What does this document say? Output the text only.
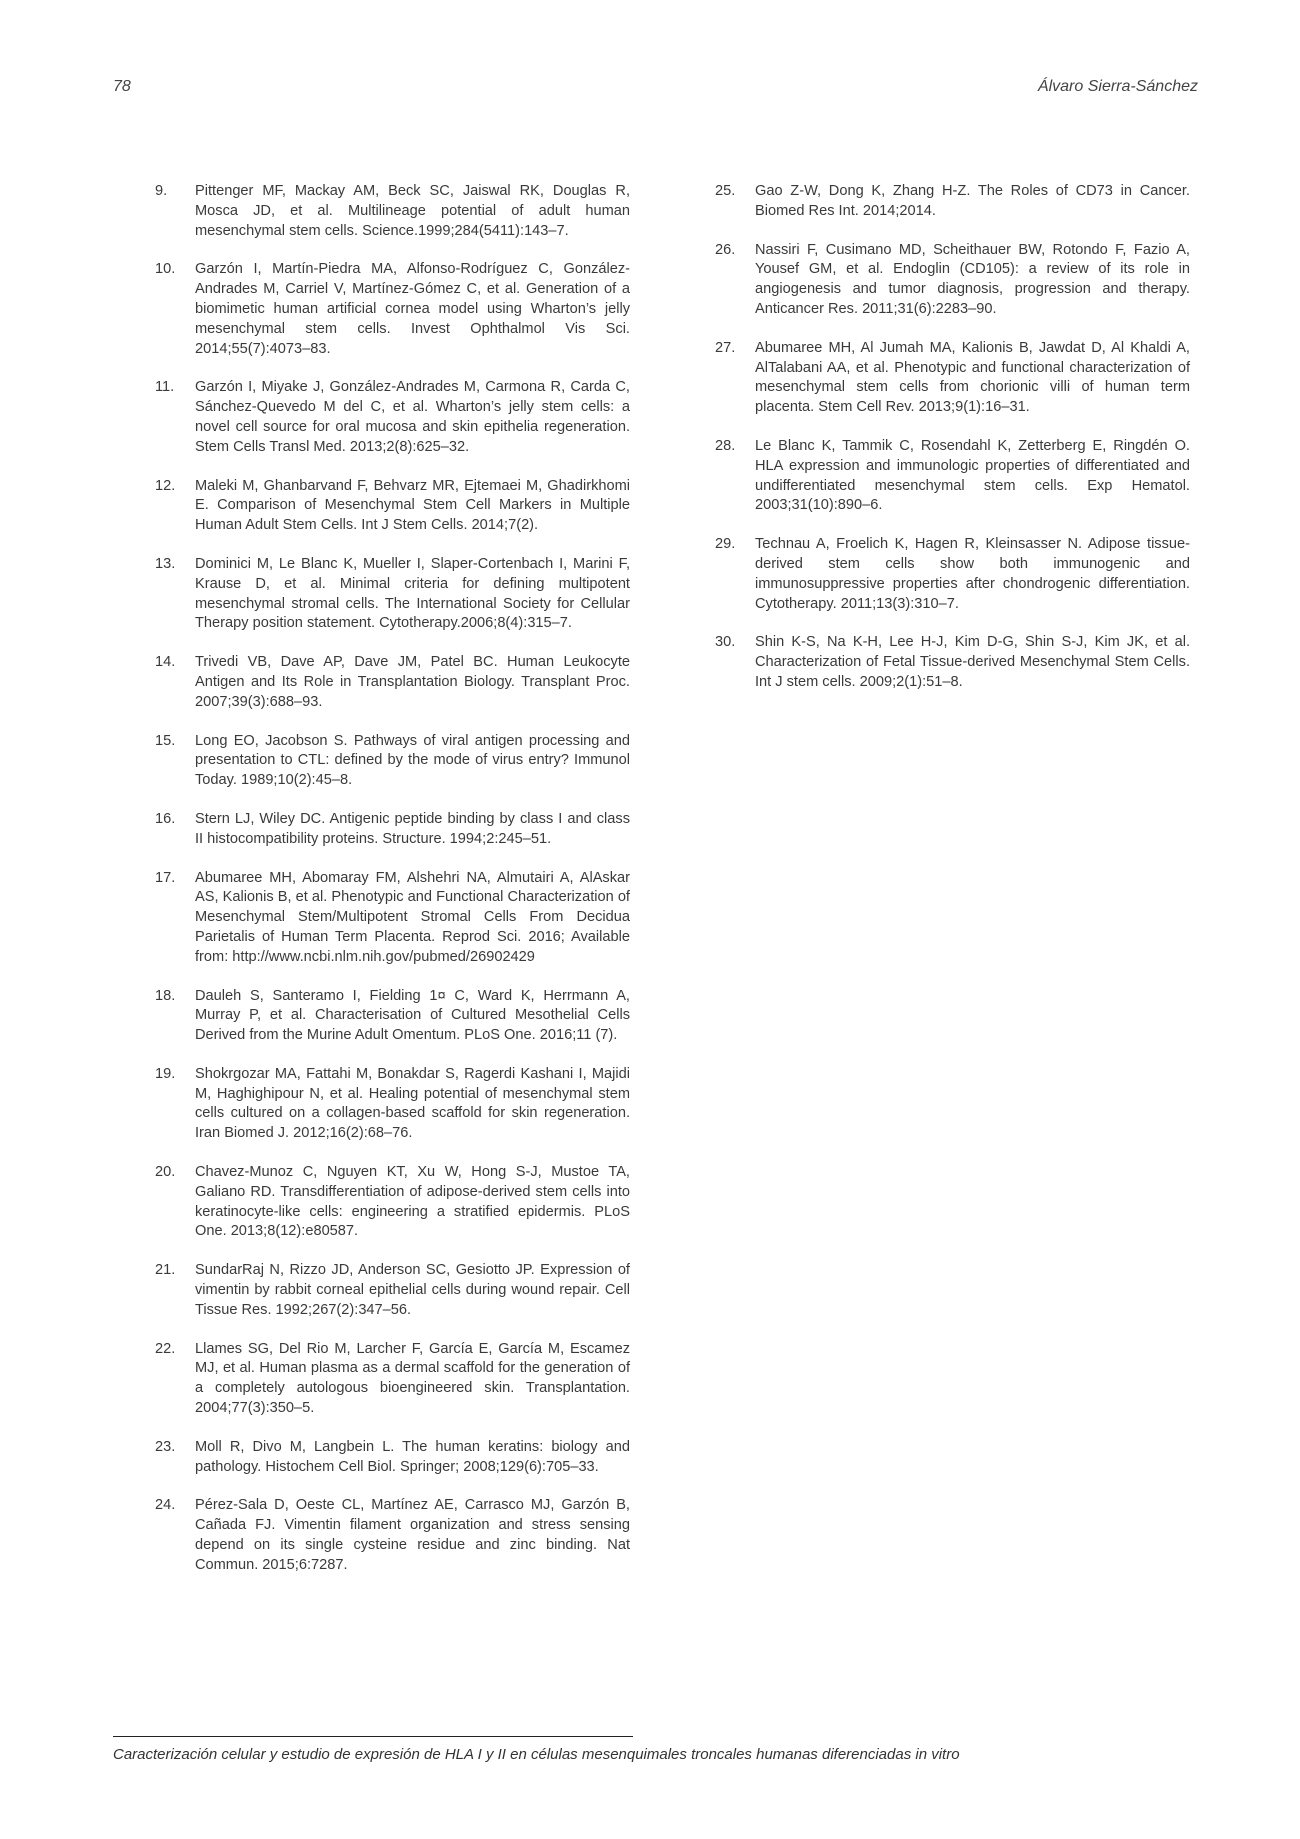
78	Álvaro Sierra-Sánchez
9.	Pittenger MF, Mackay AM, Beck SC, Jaiswal RK, Douglas R, Mosca JD, et al. Multilineage potential of adult human mesenchymal stem cells. Science.1999;284(5411):143–7.
10.	Garzón I, Martín-Piedra MA, Alfonso-Rodríguez C, González-Andrades M, Carriel V, Martínez-Gómez C, et al. Generation of a biomimetic human artificial cornea model using Wharton’s jelly mesenchymal stem cells. Invest Ophthalmol Vis Sci. 2014;55(7):4073–83.
11.	Garzón I, Miyake J, González-Andrades M, Carmona R, Carda C, Sánchez-Quevedo M del C, et al. Wharton’s jelly stem cells: a novel cell source for oral mucosa and skin epithelia regeneration. Stem Cells Transl Med. 2013;2(8):625–32.
12.	Maleki M, Ghanbarvand F, Behvarz MR, Ejtemaei M, Ghadirkhomi E. Comparison of Mesenchymal Stem Cell Markers in Multiple Human Adult Stem Cells. Int J Stem Cells. 2014;7(2).
13.	Dominici M, Le Blanc K, Mueller I, Slaper-Cortenbach I, Marini F, Krause D, et al. Minimal criteria for defining multipotent mesenchymal stromal cells. The International Society for Cellular Therapy position statement. Cytotherapy.2006;8(4):315–7.
14.	Trivedi VB, Dave AP, Dave JM, Patel BC. Human Leukocyte Antigen and Its Role in Transplantation Biology. Transplant Proc. 2007;39(3):688–93.
15.	Long EO, Jacobson S. Pathways of viral antigen processing and presentation to CTL: defined by the mode of virus entry? Immunol Today. 1989;10(2):45–8.
16.	Stern LJ, Wiley DC. Antigenic peptide binding by class I and class II histocompatibility proteins. Structure. 1994;2:245–51.
17.	Abumaree MH, Abomaray FM, Alshehri NA, Almutairi A, AlAskar AS, Kalionis B, et al. Phenotypic and Functional Characterization of Mesenchymal Stem/Multipotent Stromal Cells From Decidua Parietalis of Human Term Placenta. Reprod Sci. 2016; Available from: http://www.ncbi.nlm.nih.gov/pubmed/26902429
18.	Dauleh S, Santeramo I, Fielding 1¤ C, Ward K, Herrmann A, Murray P, et al. Characterisation of Cultured Mesothelial Cells Derived from the Murine Adult Omentum. PLoS One. 2016;11 (7).
19.	Shokrgozar MA, Fattahi M, Bonakdar S, Ragerdi Kashani I, Majidi M, Haghighipour N, et al. Healing potential of mesenchymal stem cells cultured on a collagen-based scaffold for skin regeneration. Iran Biomed J. 2012;16(2):68–76.
20.	Chavez-Munoz C, Nguyen KT, Xu W, Hong S-J, Mustoe TA, Galiano RD. Transdifferentiation of adipose-derived stem cells into keratinocyte-like cells: engineering a stratified epidermis. PLoS One. 2013;8(12):e80587.
21.	SundarRaj N, Rizzo JD, Anderson SC, Gesiotto JP. Expression of vimentin by rabbit corneal epithelial cells during wound repair. Cell Tissue Res. 1992;267(2):347–56.
22.	Llames SG, Del Rio M, Larcher F, García E, García M, Escamez MJ, et al. Human plasma as a dermal scaffold for the generation of a completely autologous bioengineered skin. Transplantation. 2004;77(3):350–5.
23.	Moll R, Divo M, Langbein L. The human keratins: biology and pathology. Histochem Cell Biol. Springer; 2008;129(6):705–33.
24.	Pérez-Sala D, Oeste CL, Martínez AE, Carrasco MJ, Garzón B, Cañada FJ. Vimentin filament organization and stress sensing depend on its single cysteine residue and zinc binding. Nat Commun. 2015;6:7287.
25.	Gao Z-W, Dong K, Zhang H-Z. The Roles of CD73 in Cancer. Biomed Res Int. 2014;2014.
26.	Nassiri F, Cusimano MD, Scheithauer BW, Rotondo F, Fazio A, Yousef GM, et al. Endoglin (CD105): a review of its role in angiogenesis and tumor diagnosis, progression and therapy. Anticancer Res. 2011;31(6):2283–90.
27.	Abumaree MH, Al Jumah MA, Kalionis B, Jawdat D, Al Khaldi A, AlTalabani AA, et al. Phenotypic and functional characterization of mesenchymal stem cells from chorionic villi of human term placenta. Stem Cell Rev. 2013;9(1):16–31.
28.	Le Blanc K, Tammik C, Rosendahl K, Zetterberg E, Ringdén O. HLA expression and immunologic properties of differentiated and undifferentiated mesenchymal stem cells. Exp Hematol. 2003;31(10):890–6.
29.	Technau A, Froelich K, Hagen R, Kleinsasser N. Adipose tissue-derived stem cells show both immunogenic and immunosuppressive properties after chondrogenic differentiation. Cytotherapy. 2011;13(3):310–7.
30.	Shin K-S, Na K-H, Lee H-J, Kim D-G, Shin S-J, Kim JK, et al. Characterization of Fetal Tissue-derived Mesenchymal Stem Cells. Int J stem cells. 2009;2(1):51–8.
Caracterización celular y estudio de expresión de HLA I y II en células mesenquimales troncales humanas diferenciadas in vitro
